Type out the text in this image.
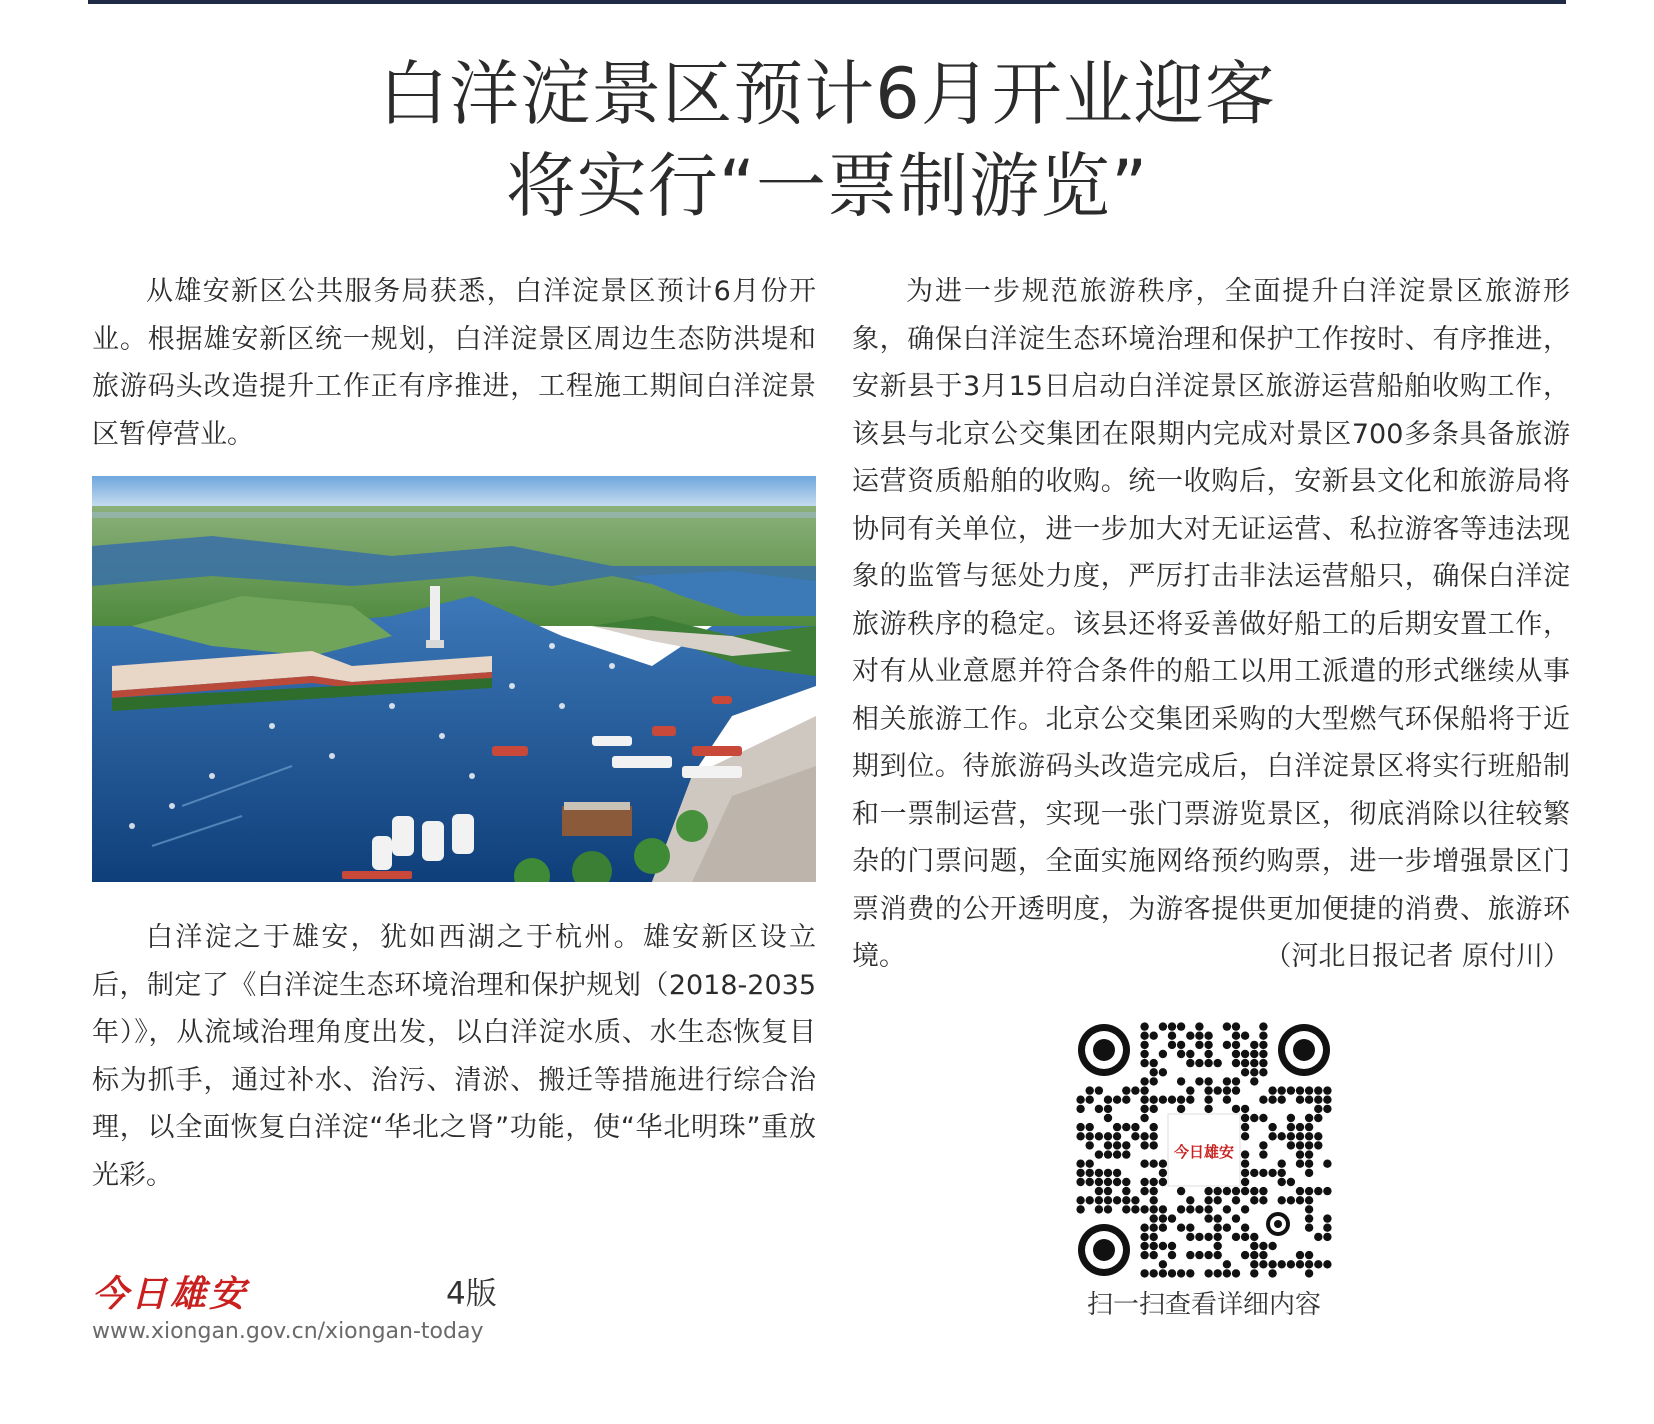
白洋淀景区预计6月开业迎客
将实行“一票制游览”

从雄安新区公共服务局获悉，白洋淀景区预计6月份开业。根据雄安新区统一规划，白洋淀景区周边生态防洪堤和旅游码头改造提升工作正有序推进，工程施工期间白洋淀景区暂停营业。

白洋淀之于雄安，犹如西湖之于杭州。雄安新区设立后，制定了《白洋淀生态环境治理和保护规划（2018-2035年）》，从流域治理角度出发，以白洋淀水质、水生态恢复目标为抓手，通过补水、治污、清淤、搬迁等措施进行综合治理，以全面恢复白洋淀“华北之肾”功能，使“华北明珠”重放光彩。

为进一步规范旅游秩序，全面提升白洋淀景区旅游形象，确保白洋淀生态环境治理和保护工作按时、有序推进，安新县于3月15日启动白洋淀景区旅游运营船舶收购工作，该县与北京公交集团在限期内完成对景区700多条具备旅游运营资质船舶的收购。统一收购后，安新县文化和旅游局将协同有关单位，进一步加大对无证运营、私拉游客等违法现象的监管与惩处力度，严厉打击非法运营船只，确保白洋淀旅游秩序的稳定。该县还将妥善做好船工的后期安置工作，对有从业意愿并符合条件的船工以用工派遣的形式继续从事相关旅游工作。北京公交集团采购的大型燃气环保船将于近期到位。待旅游码头改造完成后，白洋淀景区将实行班船制和一票制运营，实现一张门票游览景区，彻底消除以往较繁杂的门票问题，全面实施网络预约购票，进一步增强景区门票消费的公开透明度，为游客提供更加便捷的消费、旅游环境。	（河北日报记者 原付川）

今日雄安	4版
www.xiongan.gov.cn/xiongan-today
今日雄安
扫一扫查看详细内容
